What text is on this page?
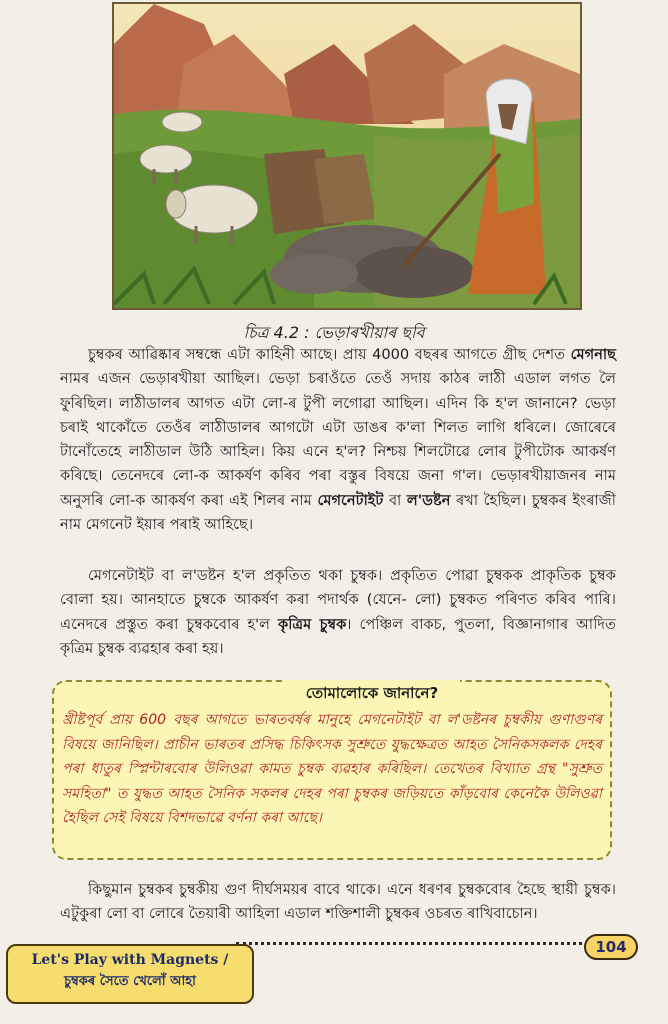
চিত্ৰ 4.2 : ভেড়াৰখীয়াৰ ছবি

চুম্বকৰ আৱিষ্কাৰ সম্বন্ধে এটা কাহিনী আছে। প্ৰায় 4000 বছৰৰ আগতে গ্ৰীছ দেশত মেগনাছ নামৰ এজন ভেড়াৰখীয়া আছিল। ভেড়া চৰাওঁতে তেওঁ সদায় কাঠৰ লাঠী এডাল লগত লৈ ফুৰিছিল। লাঠীডালৰ আগত এটা লো-ৰ টুপী লগোৱা আছিল। এদিন কি হ'ল জানানে? ভেড়া চৰাই থাকোঁতে তেওঁৰ লাঠীডালৰ আগটো এটা ডাঙৰ ক'লা শিলত লাগি ধৰিলে। জোৰেৰে টানোঁতেহে লাঠীডাল উঠি আহিল। কিয় এনে হ'ল? নিশ্চয় শিলটোৱে লোৰ টুপীটোক আকৰ্ষণ কৰিছে। তেনেদৰে লো-ক আকৰ্ষণ কৰিব পৰা বস্তুৰ বিষয়ে জনা গ'ল। ভেড়াৰখীয়াজনৰ নাম অনুসৰি লো-ক আকৰ্ষণ কৰা এই শিলৰ নাম মেগনেটাইট বা ল'ডষ্টন ৰখা হৈছিল। চুম্বকৰ ইংৰাজী নাম মেগনেট ইয়াৰ পৰাই আহিছে।

মেগনেটাইট বা ল'ডষ্টন হ'ল প্ৰকৃতিত থকা চুম্বক। প্ৰকৃতিত পোৱা চুম্বকক প্ৰাকৃতিক চুম্বক বোলা হয়। আনহাতে চুম্বকে আকৰ্ষণ কৰা পদাৰ্থক (যেনে- লো) চুম্বকত পৰিণত কৰিব পাৰি। এনেদৰে প্ৰস্তুত কৰা চুম্বকবোৰ হ'ল কৃত্ৰিম চুম্বক। পেঞ্চিল বাকচ, পুতলা, বিজ্ঞানাগাৰ আদিত কৃত্ৰিম চুম্বক ব্যৱহাৰ কৰা হয়।

তোমালোকে জানানে?

খ্ৰীষ্টপূৰ্ব প্ৰায় 600 বছৰ আগতে ভাৰতবৰ্ষৰ মানুহে মেগনেটাইট বা ল'ডষ্টনৰ চুম্বকীয় গুণাগুণৰ বিষয়ে জানিছিল। প্ৰাচীন ভাৰতৰ প্ৰসিদ্ধ চিকিৎসক সুশ্ৰুতে যুদ্ধক্ষেত্ৰত আহত সৈনিকসকলক দেহৰ পৰা ধাতুৰ স্প্লিন্টাৰবোৰ উলিওৱা কামত চুম্বক ব্যৱহাৰ কৰিছিল। তেখেতৰ বিখ্যাত গ্ৰন্থ "সুশ্ৰুত সমহিতা" ত যুদ্ধত আহত সৈনিক সকলৰ দেহৰ পৰা চুম্বকৰ জড়িয়তে কাঁড়বোৰ কেনেকৈ উলিওৱা হৈছিল সেই বিষয়ে বিশদভাৱে বৰ্ণনা কৰা আছে।

কিছুমান চুম্বকৰ চুম্বকীয় গুণ দীৰ্ঘসময়ৰ বাবে থাকে। এনে ধৰণৰ চুম্বকবোৰ হৈছে স্থায়ী চুম্বক। এটুকুৰা লো বা লোৰে তৈয়াৰী আহিলা এডাল শক্তিশালী চুম্বকৰ ওচৰত ৰাখিবাচোন।

Let's Play with Magnets /
চুম্বকৰ সৈতে খেলোঁ আহা
104
